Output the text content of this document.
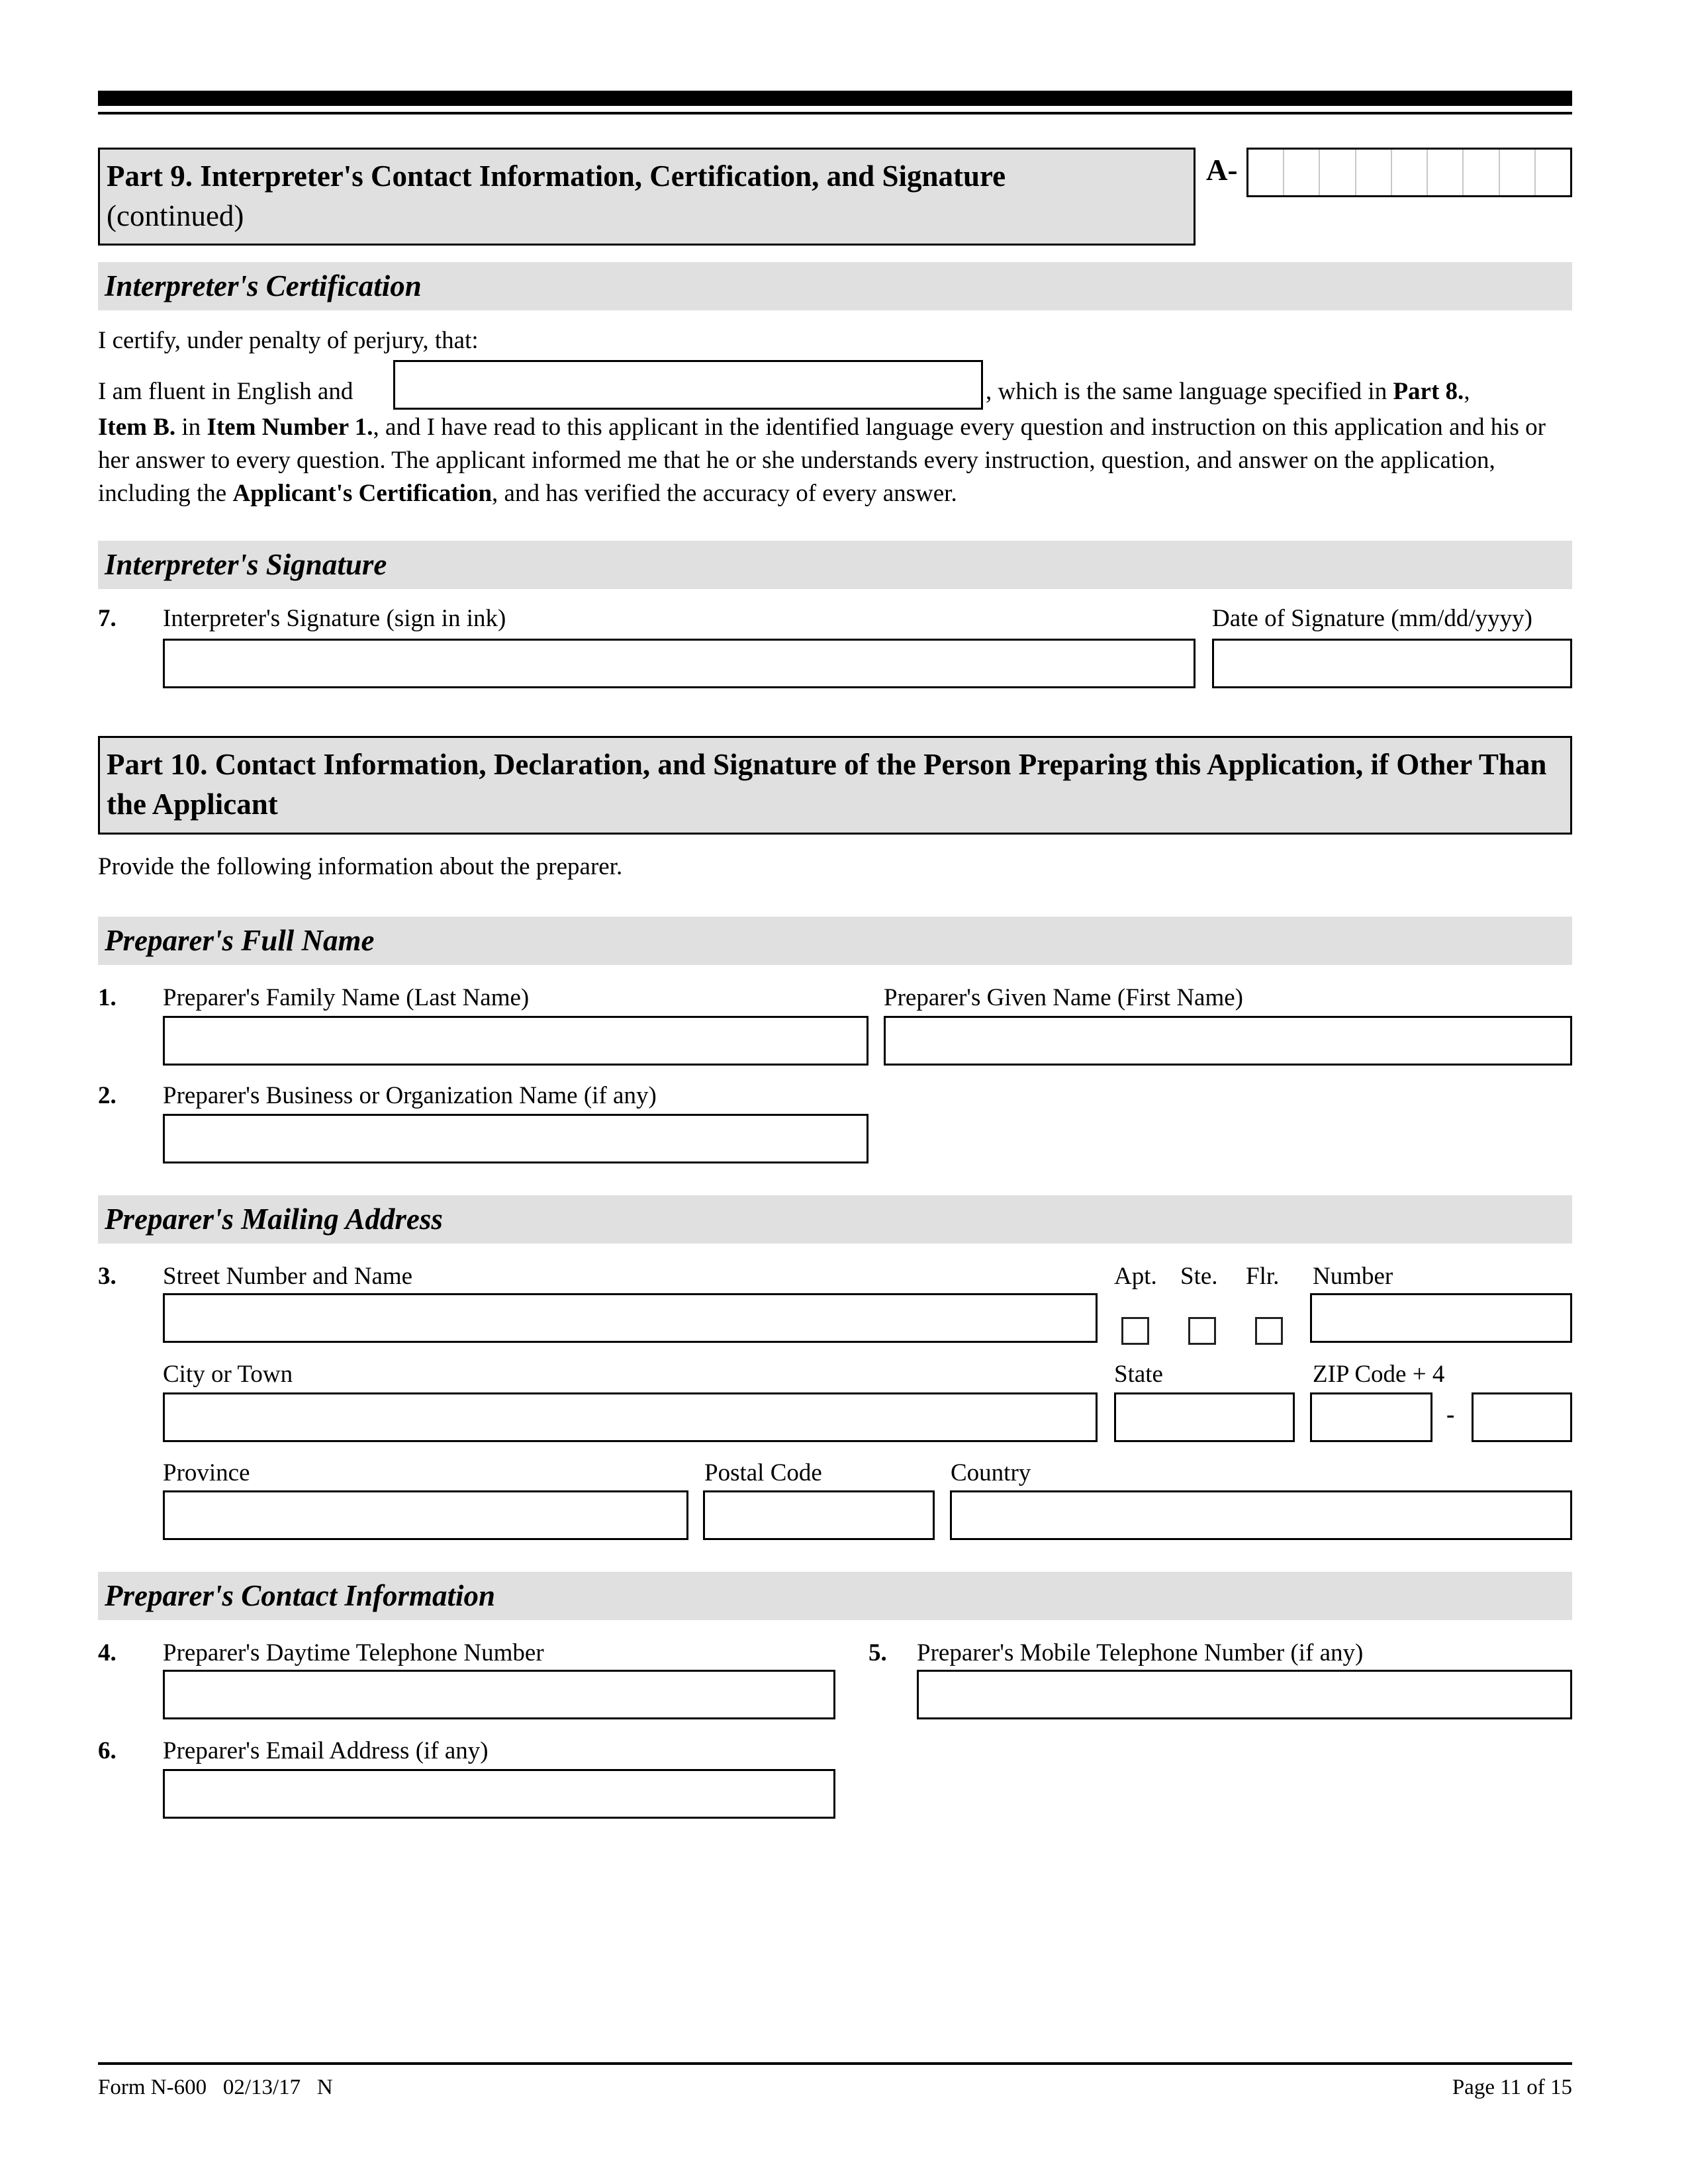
Part 9. Interpreter's Contact Information, Certification, and Signature
(continued)
A-
Interpreter's Certification
I certify, under penalty of perjury, that:
I am fluent in English and	, which is the same language specified in Part 8.,
Item B. in Item Number 1., and I have read to this applicant in the identified language every question and instruction on this application and his or her answer to every question. The applicant informed me that he or she understands every instruction, question, and answer on the application, including the Applicant's Certification, and has verified the accuracy of every answer.
Interpreter's Signature
7. Interpreter's Signature (sign in ink)	Date of Signature (mm/dd/yyyy)
Part 10. Contact Information, Declaration, and Signature of the Person Preparing this Application, if Other Than the Applicant
Provide the following information about the preparer.
Preparer's Full Name
1. Preparer's Family Name (Last Name)	Preparer's Given Name (First Name)
2. Preparer's Business or Organization Name (if any)
Preparer's Mailing Address
3. Street Number and Name	Apt. Ste. Flr. Number
City or Town	State	ZIP Code + 4
-
Province	Postal Code	Country
Preparer's Contact Information
4. Preparer's Daytime Telephone Number	5. Preparer's Mobile Telephone Number (if any)
6. Preparer's Email Address (if any)
Form N-600   02/13/17   N	Page 11 of 15
